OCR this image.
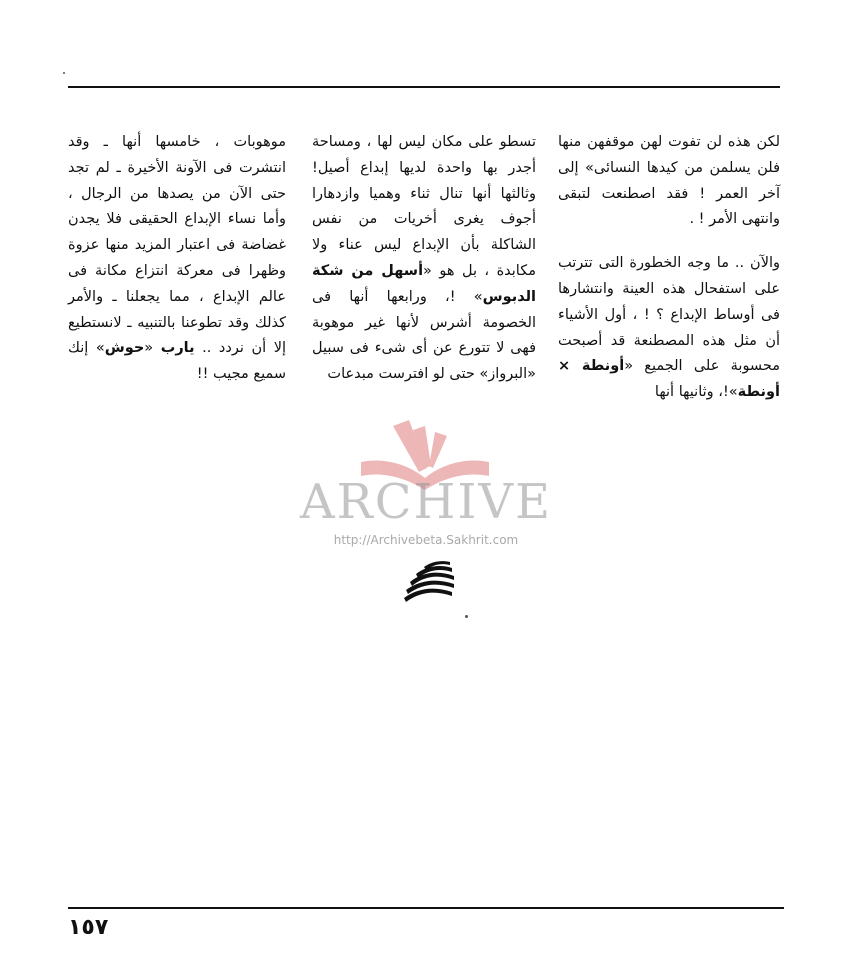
لكن هذه لن تفوت لهن موقفهن منها فلن يسلمن من كيدها النسائى» إلى آخر العمر ! فقد اصطنعت لتبقى وانتهى الأمر ! .

والآن .. ما وجه الخطورة التى تترتب على استفحال هذه العينة وانتشارها فى أوساط الإبداع ؟ ! ، أول الأشياء أن مثل هذه المصطنعة قد أصبحت محسوبة على الجميع «أونطة × أونطة»!، وثانيها أنها

تسطو على مكان ليس لها ، ومساحة أجدر بها واحدة لديها إبداع أصيل! وثالثها أنها تنال ثناء وهميا وازدهارا أجوف يغرى أخريات من نفس الشاكلة بأن الإبداع ليس عناء ولا مكابدة ، بل هو «أسهل من شكة الدبوس» !، ورابعها أنها فى الخصومة أشرس لأنها غير موهوبة فهى لا تتورع عن أى شىء فى سبيل «البرواز» حتى لو افترست مبدعات

موهوبات ، خامسها أنها ـ وقد انتشرت فى الآونة الأخيرة ـ لم تجد حتى الآن من يصدها من الرجال ، وأما نساء الإبداع الحقيقى فلا يجدن غضاضة فى اعتبار المزيد منها عزوة وظهرا فى معركة انتزاع مكانة فى عالم الإبداع ، مما يجعلنا ـ والأمر كذلك وقد تطوعنا بالتنبيه ـ لانستطيع إلا أن نردد .. يارب «حوش» إنك سميع مجيب !!

ARCHIVE
http://Archivebeta.Sakhrit.com
١٥٧
